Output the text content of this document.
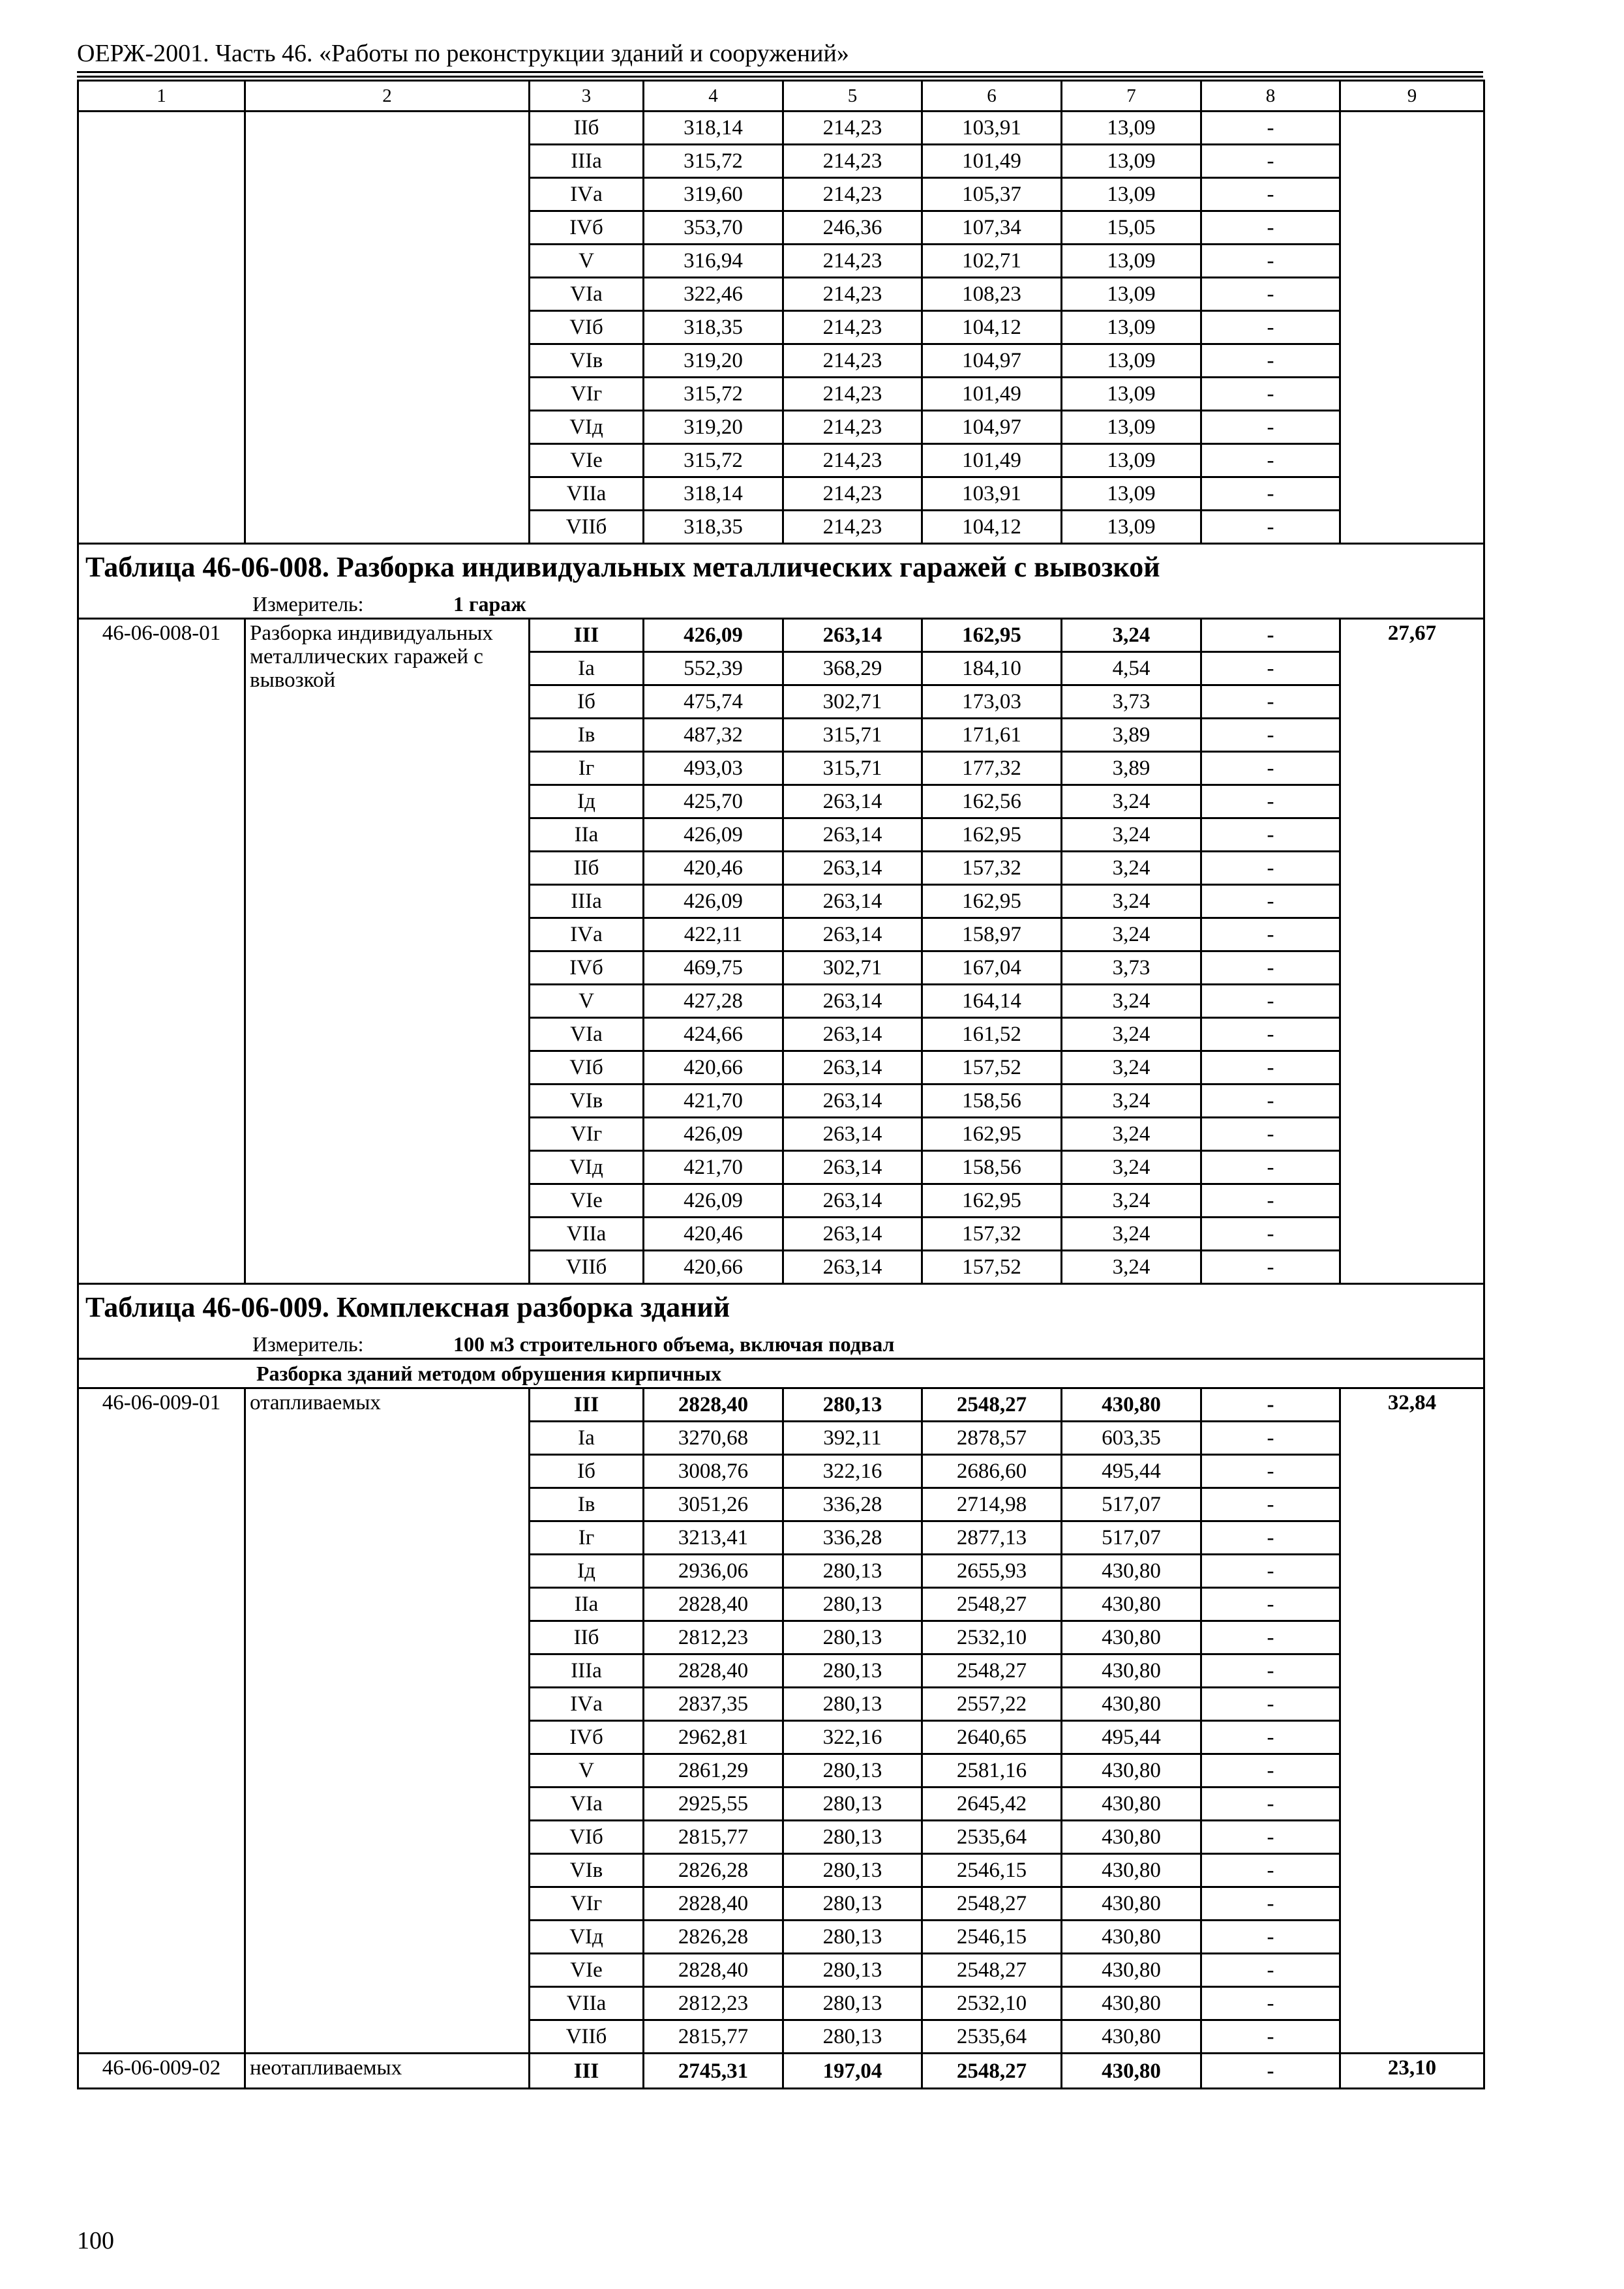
ОЕРЖ-2001. Часть 46. «Работы по реконструкции зданий и сооружений»
1	2	3	4	5	6	7	8	9
		IIб	318,14	214,23	103,91	13,09	-	
		IIIа	315,72	214,23	101,49	13,09	-	
		IVа	319,60	214,23	105,37	13,09	-	
		IVб	353,70	246,36	107,34	15,05	-	
		V	316,94	214,23	102,71	13,09	-	
		VIа	322,46	214,23	108,23	13,09	-	
		VIб	318,35	214,23	104,12	13,09	-	
		VIв	319,20	214,23	104,97	13,09	-	
		VIг	315,72	214,23	101,49	13,09	-	
		VIд	319,20	214,23	104,97	13,09	-	
		VIе	315,72	214,23	101,49	13,09	-	
		VIIа	318,14	214,23	103,91	13,09	-	
		VIIб	318,35	214,23	104,12	13,09	-	
Таблица 46-06-008. Разборка индивидуальных металлических гаражей с вывозкой								
Измеритель: 1 гараж								
46-06-008-01	Разборка индивидуальных металлических гаражей с вывозкой	III	426,09	263,14	162,95	3,24	-	27,67
		Iа	552,39	368,29	184,10	4,54	-	
		Iб	475,74	302,71	173,03	3,73	-	
		Iв	487,32	315,71	171,61	3,89	-	
		Iг	493,03	315,71	177,32	3,89	-	
		Iд	425,70	263,14	162,56	3,24	-	
		IIа	426,09	263,14	162,95	3,24	-	
		IIб	420,46	263,14	157,32	3,24	-	
		IIIа	426,09	263,14	162,95	3,24	-	
		IVа	422,11	263,14	158,97	3,24	-	
		IVб	469,75	302,71	167,04	3,73	-	
		V	427,28	263,14	164,14	3,24	-	
		VIа	424,66	263,14	161,52	3,24	-	
		VIб	420,66	263,14	157,52	3,24	-	
		VIв	421,70	263,14	158,56	3,24	-	
		VIг	426,09	263,14	162,95	3,24	-	
		VIд	421,70	263,14	158,56	3,24	-	
		VIе	426,09	263,14	162,95	3,24	-	
		VIIа	420,46	263,14	157,32	3,24	-	
		VIIб	420,66	263,14	157,52	3,24	-	
Таблица 46-06-009. Комплексная разборка зданий								
Измеритель: 100 м3 строительного объема, включая подвал								
Разборка зданий методом обрушения кирпичных								
46-06-009-01	отапливаемых	III	2828,40	280,13	2548,27	430,80	-	32,84
		Iа	3270,68	392,11	2878,57	603,35	-	
		Iб	3008,76	322,16	2686,60	495,44	-	
		Iв	3051,26	336,28	2714,98	517,07	-	
		Iг	3213,41	336,28	2877,13	517,07	-	
		Iд	2936,06	280,13	2655,93	430,80	-	
		IIа	2828,40	280,13	2548,27	430,80	-	
		IIб	2812,23	280,13	2532,10	430,80	-	
		IIIа	2828,40	280,13	2548,27	430,80	-	
		IVа	2837,35	280,13	2557,22	430,80	-	
		IVб	2962,81	322,16	2640,65	495,44	-	
		V	2861,29	280,13	2581,16	430,80	-	
		VIа	2925,55	280,13	2645,42	430,80	-	
		VIб	2815,77	280,13	2535,64	430,80	-	
		VIв	2826,28	280,13	2546,15	430,80	-	
		VIг	2828,40	280,13	2548,27	430,80	-	
		VIд	2826,28	280,13	2546,15	430,80	-	
		VIе	2828,40	280,13	2548,27	430,80	-	
		VIIа	2812,23	280,13	2532,10	430,80	-	
		VIIб	2815,77	280,13	2535,64	430,80	-	
46-06-009-02	неотапливаемых	III	2745,31	197,04	2548,27	430,80	-	23,10
100
